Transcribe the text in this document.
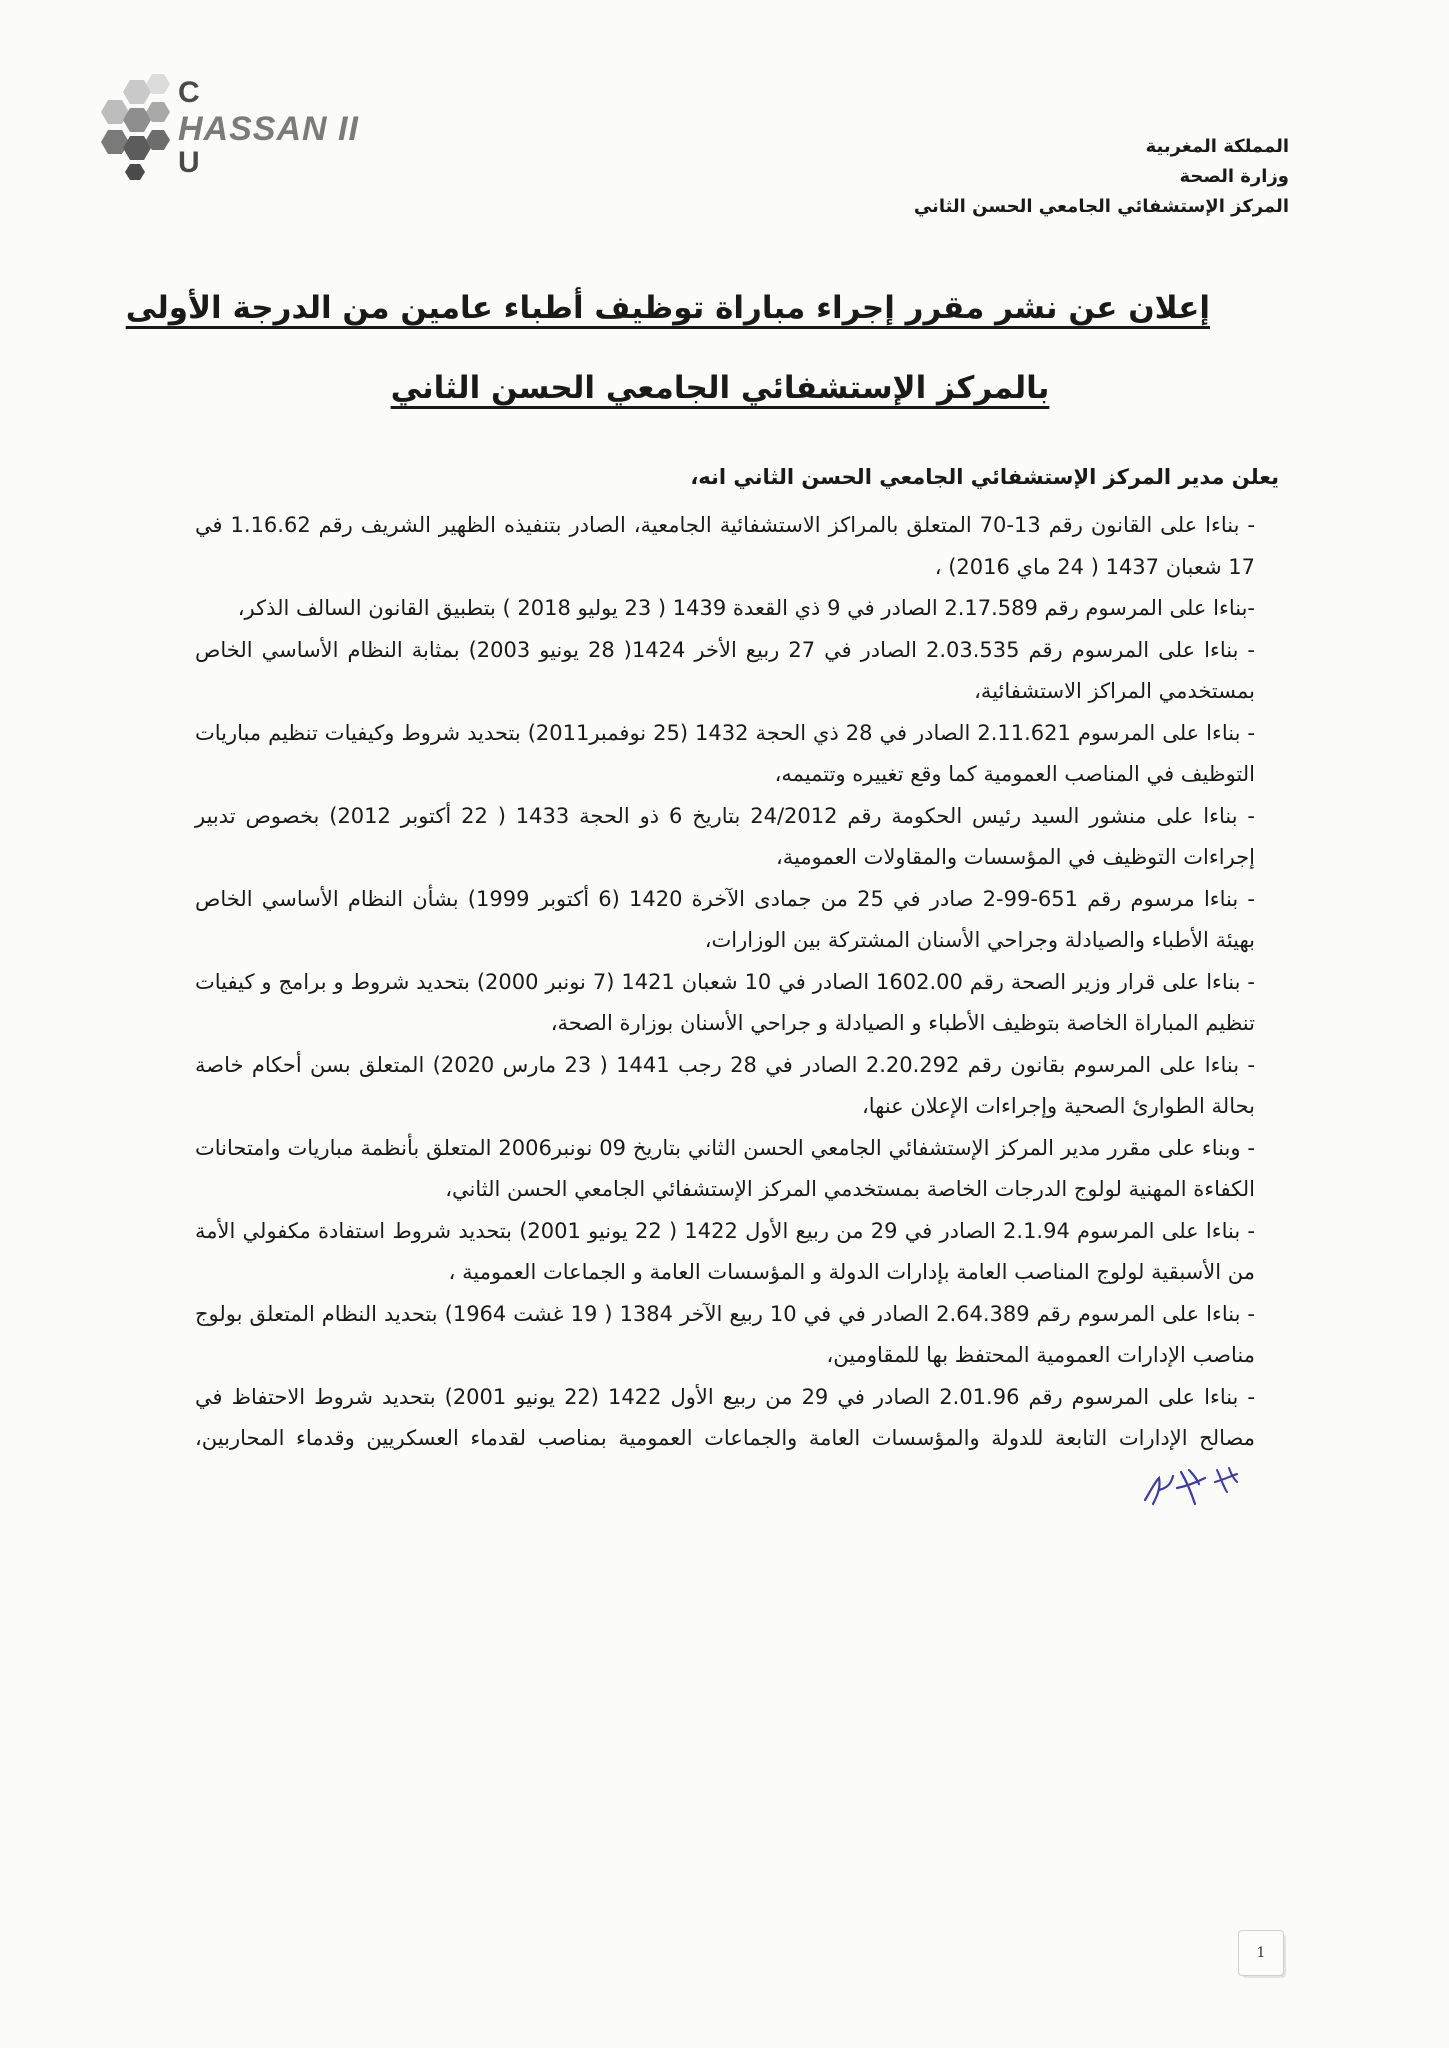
C
HASSAN II
U	المملكة المغربية
وزارة الصحة
المركز الإستشفائي الجامعي الحسن الثاني
إعلان عن نشر مقرر إجراء مباراة توظيف أطباء عامين من الدرجة الأولى
بالمركز الإستشفائي الجامعي الحسن الثاني
يعلن مدير المركز الإستشفائي الجامعي الحسن الثاني انه،

- بناءا على القانون رقم 13-70 المتعلق بالمراكز الاستشفائية الجامعية، الصادر بتنفيذه الظهير الشريف رقم 1.16.62 في 17 شعبان 1437 ( 24 ماي 2016) ،

-بناءا على المرسوم رقم 2.17.589 الصادر في 9 ذي القعدة 1439 ( 23 يوليو 2018 ) بتطبيق القانون السالف الذكر،

- بناءا على المرسوم رقم 2.03.535 الصادر في 27 ربيع الأخر 1424( 28 يونيو 2003) بمثابة النظام الأساسي الخاص بمستخدمي المراكز الاستشفائية،

- بناءا على المرسوم 2.11.621 الصادر في 28 ذي الحجة 1432 (25 نوفمبر2011) بتحديد شروط وكيفيات تنظيم مباريات التوظيف في المناصب العمومية كما وقع تغييره وتتميمه،

- بناءا على منشور السيد رئيس الحكومة رقم 24/2012 بتاريخ 6 ذو الحجة 1433 ( 22 أكتوبر 2012) بخصوص تدبير إجراءات التوظيف في المؤسسات والمقاولات العمومية،

- بناءا مرسوم رقم 651-99-2 صادر في 25 من جمادى الآخرة 1420 (6 أكتوبر 1999) بشأن النظام الأساسي الخاص بهيئة الأطباء والصيادلة وجراحي الأسنان المشتركة بين الوزارات،

- بناءا على قرار وزير الصحة رقم 1602.00 الصادر في 10 شعبان 1421 (7 نونبر 2000) بتحديد شروط و برامج و كيفيات تنظيم المباراة الخاصة بتوظيف الأطباء و الصيادلة و جراحي الأسنان بوزارة الصحة،

- بناءا على المرسوم بقانون رقم 2.20.292 الصادر في 28 رجب 1441 ( 23 مارس 2020) المتعلق بسن أحكام خاصة بحالة الطوارئ الصحية وإجراءات الإعلان عنها،

- وبناء على مقرر مدير المركز الإستشفائي الجامعي الحسن الثاني بتاريخ 09 نونبر2006 المتعلق بأنظمة مباريات وامتحانات الكفاءة المهنية لولوج الدرجات الخاصة بمستخدمي المركز الإستشفائي الجامعي الحسن الثاني،

- بناءا على المرسوم 2.1.94 الصادر في 29 من ربيع الأول 1422 ( 22 يونيو 2001) بتحديد شروط استفادة مكفولي الأمة من الأسبقية لولوج المناصب العامة بإدارات الدولة و المؤسسات العامة و الجماعات العمومية ،

- بناءا على المرسوم رقم 2.64.389 الصادر في في 10 ربيع الآخر 1384 ( 19 غشت 1964) بتحديد النظام المتعلق بولوج مناصب الإدارات العمومية المحتفظ بها للمقاومين،

- بناءا على المرسوم رقم 2.01.96 الصادر في 29 من ربيع الأول 1422 (22 يونيو 2001) بتحديد شروط الاحتفاظ في مصالح الإدارات التابعة للدولة والمؤسسات العامة والجماعات العمومية بمناصب لقدماء العسكريين وقدماء المحاربين،

1
